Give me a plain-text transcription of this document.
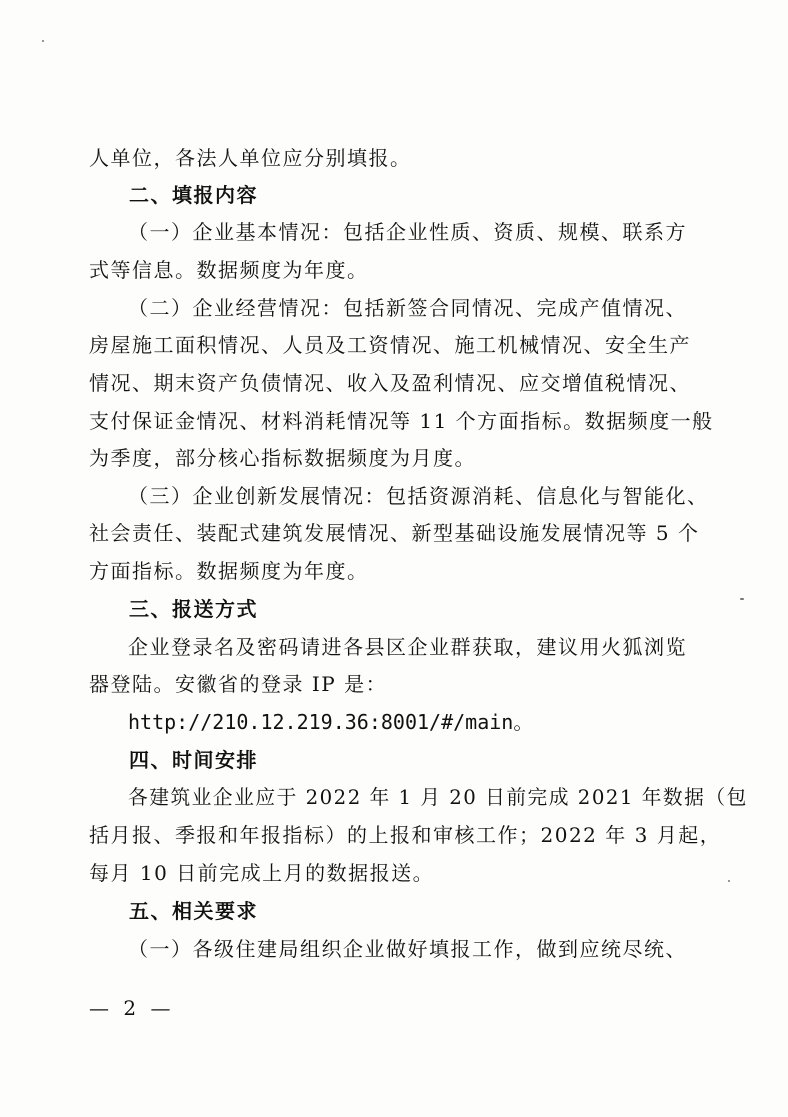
人单位，各法人单位应分别填报。
二、填报内容
（一）企业基本情况：包括企业性质、资质、规模、联系方
式等信息。数据频度为年度。
（二）企业经营情况：包括新签合同情况、完成产值情况、
房屋施工面积情况、人员及工资情况、施工机械情况、安全生产
情况、期末资产负债情况、收入及盈利情况、应交增值税情况、
支付保证金情况、材料消耗情况等 11 个方面指标。数据频度一般
为季度，部分核心指标数据频度为月度。
（三）企业创新发展情况：包括资源消耗、信息化与智能化、
社会责任、装配式建筑发展情况、新型基础设施发展情况等 5 个
方面指标。数据频度为年度。
三、报送方式
企业登录名及密码请进各县区企业群获取，建议用火狐浏览
器登陆。安徽省的登录 IP 是：
http://210.12.219.36:8001/#/main。
四、时间安排
各建筑业企业应于 2022 年 1 月 20 日前完成 2021 年数据（包
括月报、季报和年报指标）的上报和审核工作；2022 年 3 月起，
每月 10 日前完成上月的数据报送。
五、相关要求
（一）各级住建局组织企业做好填报工作，做到应统尽统、
— 2 —
